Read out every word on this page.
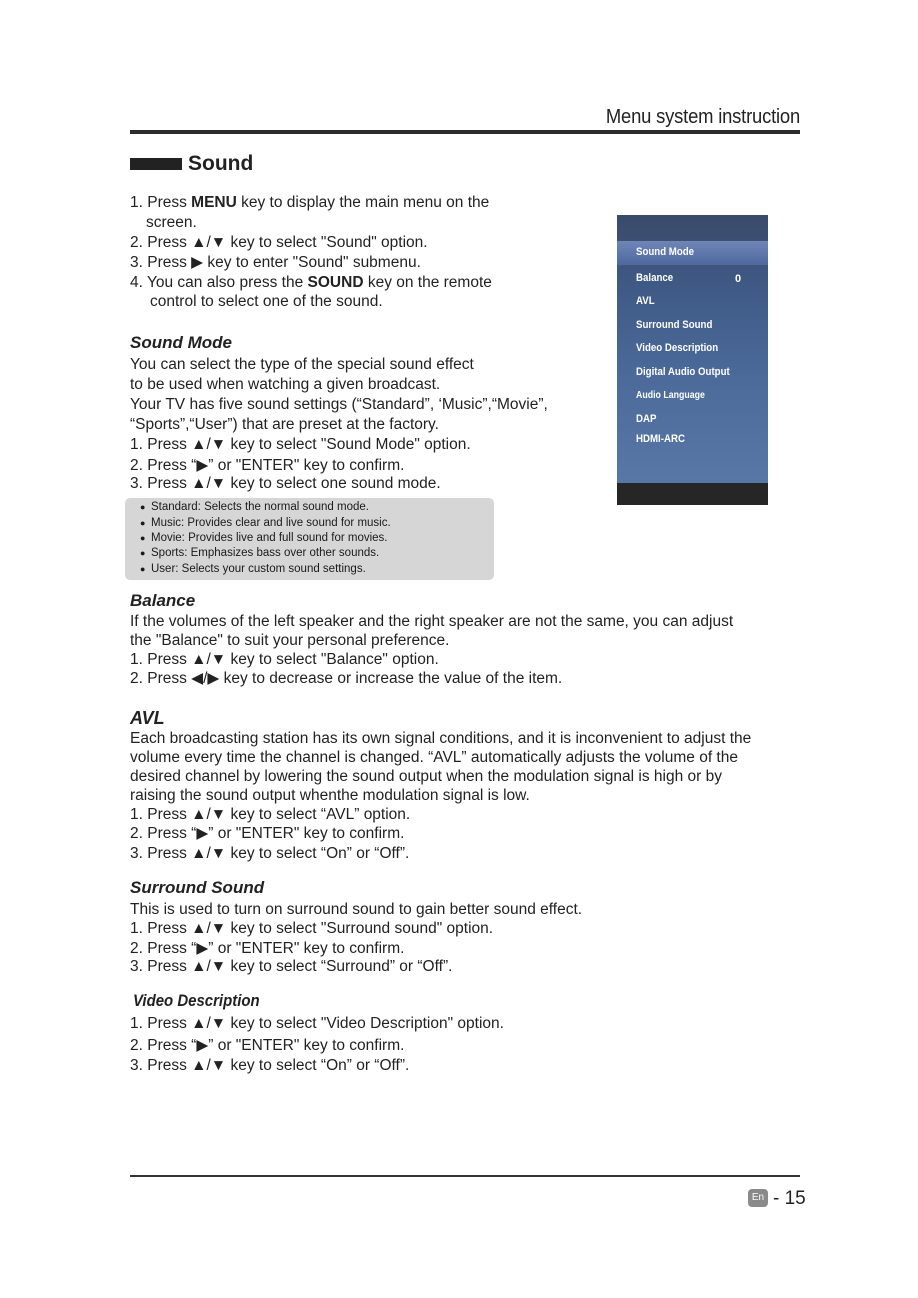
Menu system instruction
Sound
1. Press MENU key to display the main menu on the
screen.
2. Press ▲/▼ key to select "Sound" option.
3. Press ▶ key to enter "Sound" submenu.
4. You can also press the SOUND key on the remote
control to select one of the sound.
Sound Mode
Balance	0
AVL
Surround Sound
Video Description
Digital Audio Output
Audio Language
DAP
HDMI-ARC
Sound Mode
You can select the type of the special sound effect
to be used when watching a given broadcast.
Your TV has five sound settings (“Standard”, ‘Music”,“Movie”,
“Sports”,“User”) that are preset at the factory.
1. Press ▲/▼ key to select "Sound Mode" option.
2. Press “▶” or "ENTER" key to confirm.
3. Press ▲/▼ key to select one sound mode.
● Standard: Selects the normal sound mode.
● Music: Provides clear and live sound for music.
● Movie: Provides live and full sound for movies.
● Sports: Emphasizes bass over other sounds.
● User: Selects your custom sound settings.
Balance
If the volumes of the left speaker and the right speaker are not the same, you can adjust
the "Balance" to suit your personal preference.
1. Press ▲/▼ key to select "Balance" option.
2. Press ◀/▶ key to decrease or increase the value of the item.
AVL
Each broadcasting station has its own signal conditions, and it is inconvenient to adjust the
volume every time the channel is changed. “AVL” automatically adjusts the volume of the
desired channel by lowering the sound output when the modulation signal is high or by
raising the sound output whenthe modulation signal is low.
1. Press ▲/▼ key to select “AVL” option.
2. Press “▶” or "ENTER" key to confirm.
3. Press ▲/▼ key to select “On” or “Off”.
Surround Sound
This is used to turn on surround sound to gain better sound effect.
1. Press ▲/▼ key to select "Surround sound" option.
2. Press “▶” or "ENTER" key to confirm.
3. Press ▲/▼ key to select “Surround” or “Off”.
Video Description
1. Press ▲/▼ key to select "Video Description" option.
2. Press “▶” or "ENTER" key to confirm.
3. Press ▲/▼ key to select “On” or “Off”.
En - 15
